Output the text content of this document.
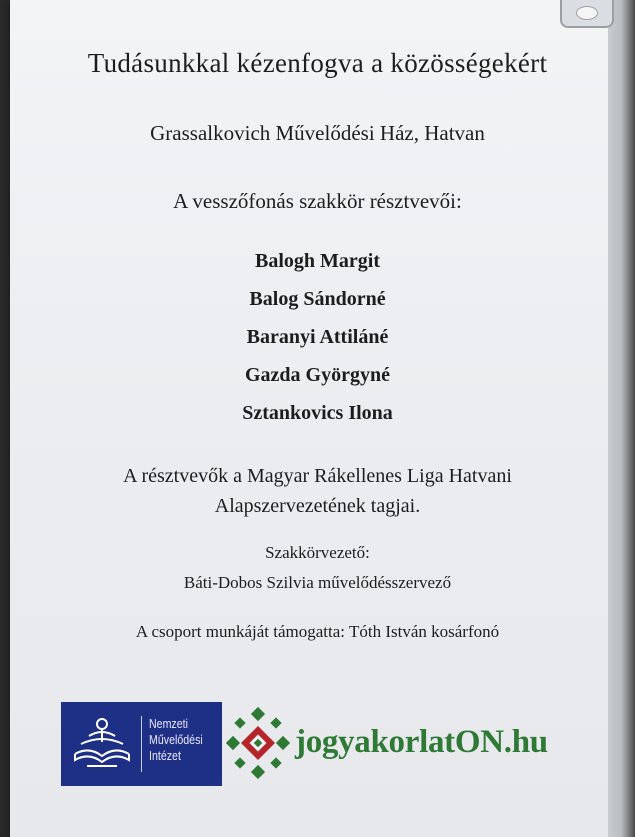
Tudásunkkal kézenfogva a közösségekért
Grassalkovich Művelődési Ház, Hatvan
A vesszőfonás szakkör résztvevői:
Balogh Margit
Balog Sándorné
Baranyi Attiláné
Gazda Györgyné
Sztankovics Ilona
A résztvevők a Magyar Rákellenes Liga Hatvani
Alapszervezetének tagjai.
Szakkörvezető:
Báti-Dobos Szilvia művelődésszervező
A csoport munkáját támogatta: Tóth István kosárfonó
Nemzeti
Művelődési
Intézet	jogyakorlatON.hu
